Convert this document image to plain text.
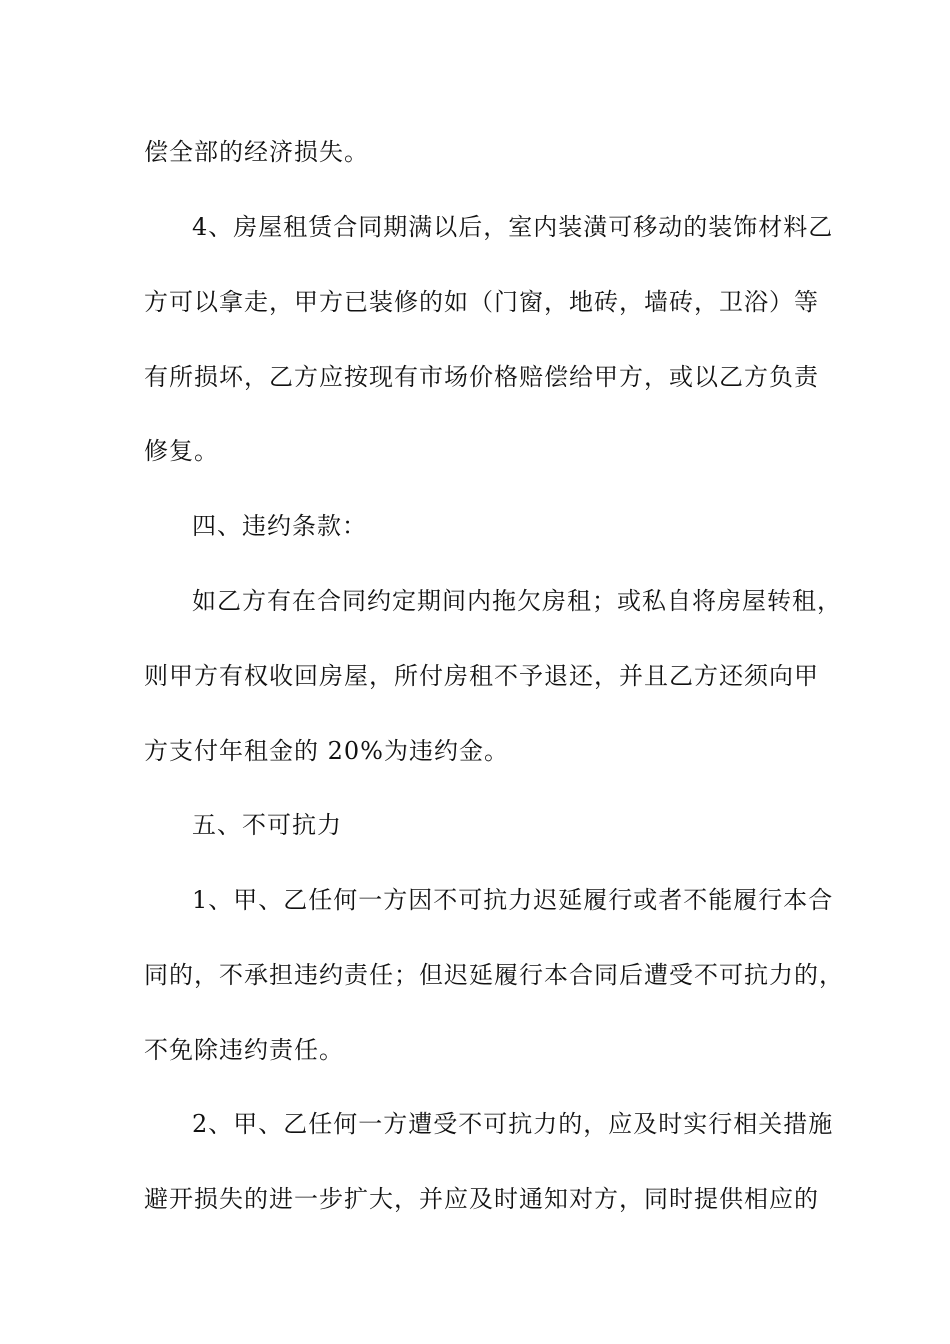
偿全部的经济损失。
4、房屋租赁合同期满以后，室内装潢可移动的装饰材料乙
方可以拿走，甲方已装修的如（门窗，地砖，墙砖，卫浴）等
有所损坏，乙方应按现有市场价格赔偿给甲方，或以乙方负责
修复。
四、违约条款：
如乙方有在合同约定期间内拖欠房租；或私自将房屋转租，
则甲方有权收回房屋，所付房租不予退还，并且乙方还须向甲
方支付年租金的 20%为违约金。
五、不可抗力
1、甲、乙任何一方因不可抗力迟延履行或者不能履行本合
同的，不承担违约责任；但迟延履行本合同后遭受不可抗力的，
不免除违约责任。
2、甲、乙任何一方遭受不可抗力的，应及时实行相关措施
避开损失的进一步扩大，并应及时通知对方，同时提供相应的
